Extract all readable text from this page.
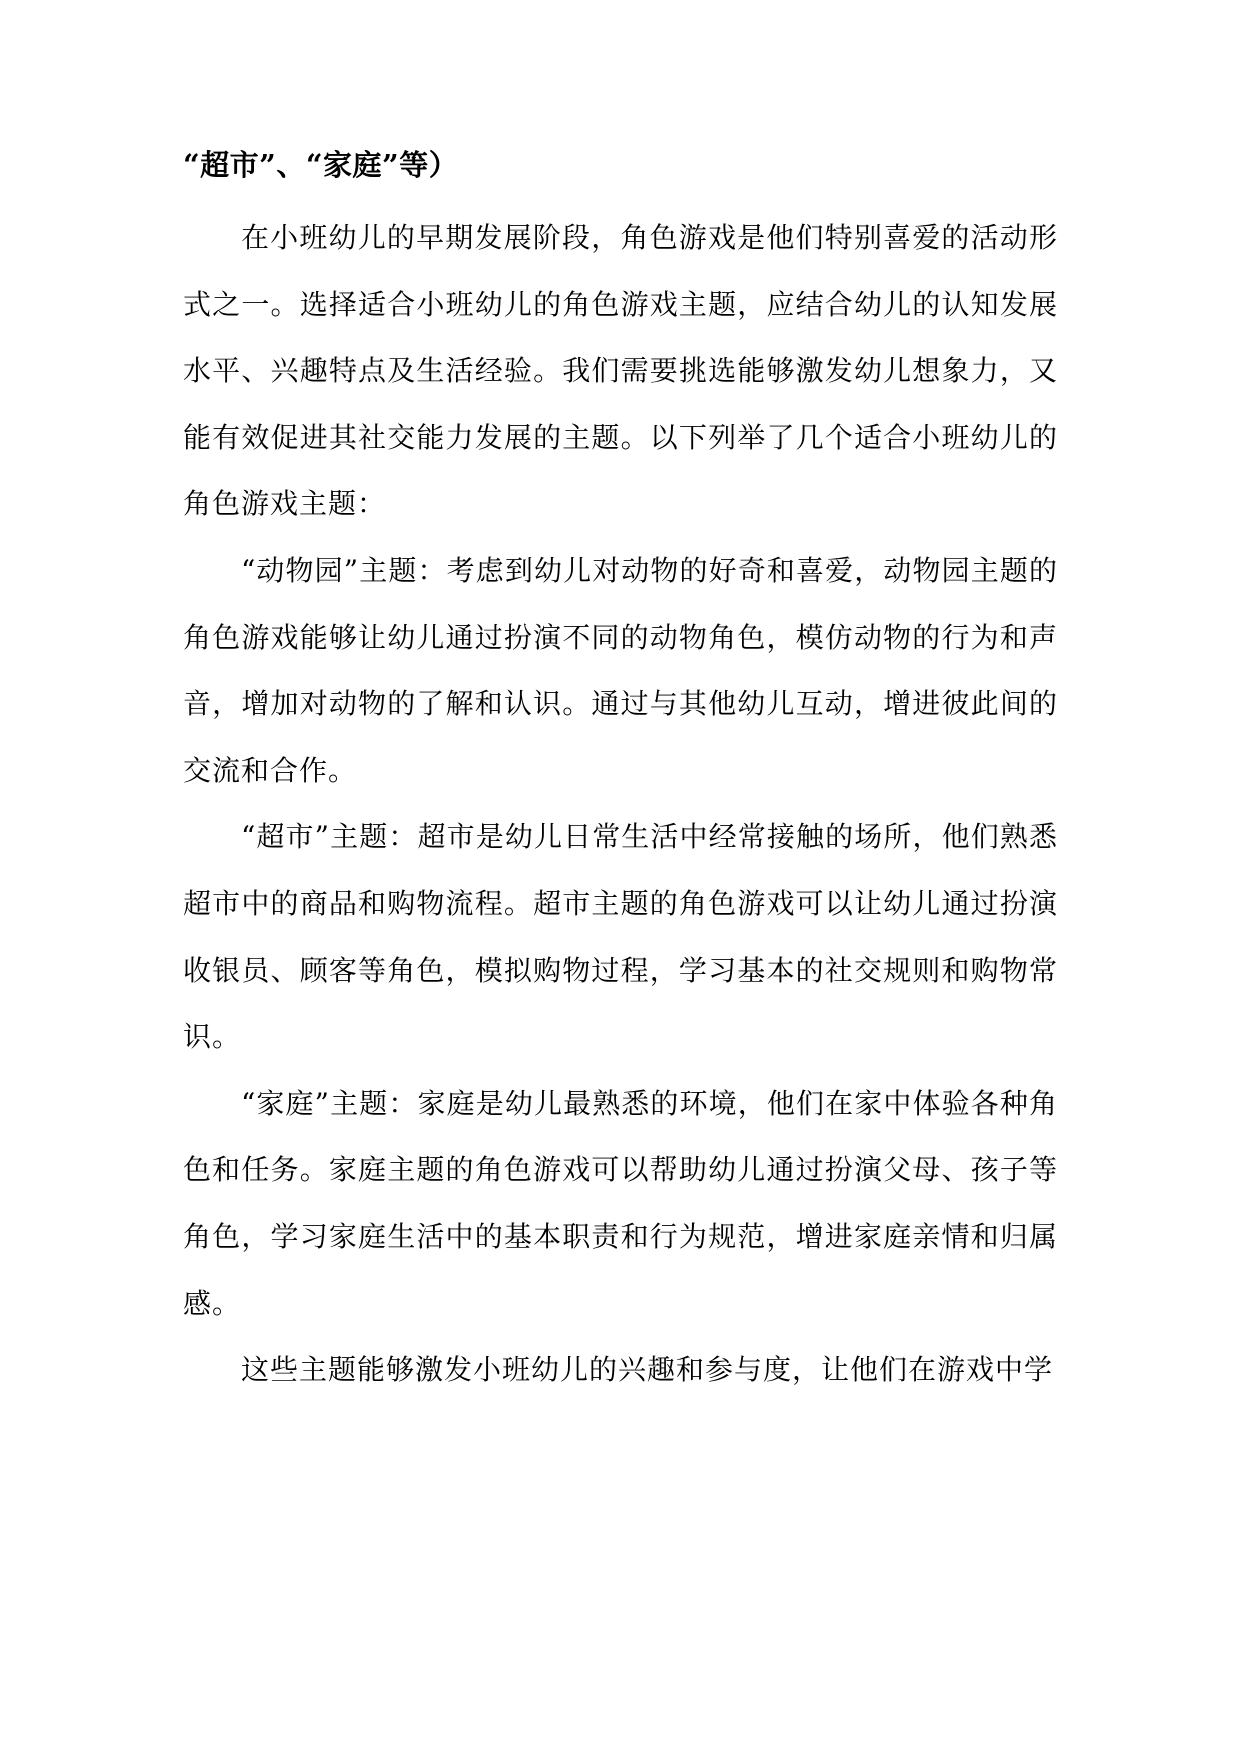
“超市”、“家庭”等）

在小班幼儿的早期发展阶段，角色游戏是他们特别喜爱的活动形式之一。选择适合小班幼儿的角色游戏主题，应结合幼儿的认知发展水平、兴趣特点及生活经验。我们需要挑选能够激发幼儿想象力，又能有效促进其社交能力发展的主题。以下列举了几个适合小班幼儿的角色游戏主题：

“动物园”主题：考虑到幼儿对动物的好奇和喜爱，动物园主题的角色游戏能够让幼儿通过扮演不同的动物角色，模仿动物的行为和声音，增加对动物的了解和认识。通过与其他幼儿互动，增进彼此间的交流和合作。

“超市”主题：超市是幼儿日常生活中经常接触的场所，他们熟悉超市中的商品和购物流程。超市主题的角色游戏可以让幼儿通过扮演收银员、顾客等角色，模拟购物过程，学习基本的社交规则和购物常识。

“家庭”主题：家庭是幼儿最熟悉的环境，他们在家中体验各种角色和任务。家庭主题的角色游戏可以帮助幼儿通过扮演父母、孩子等角色，学习家庭生活中的基本职责和行为规范，增进家庭亲情和归属感。

这些主题能够激发小班幼儿的兴趣和参与度，让他们在游戏中学
